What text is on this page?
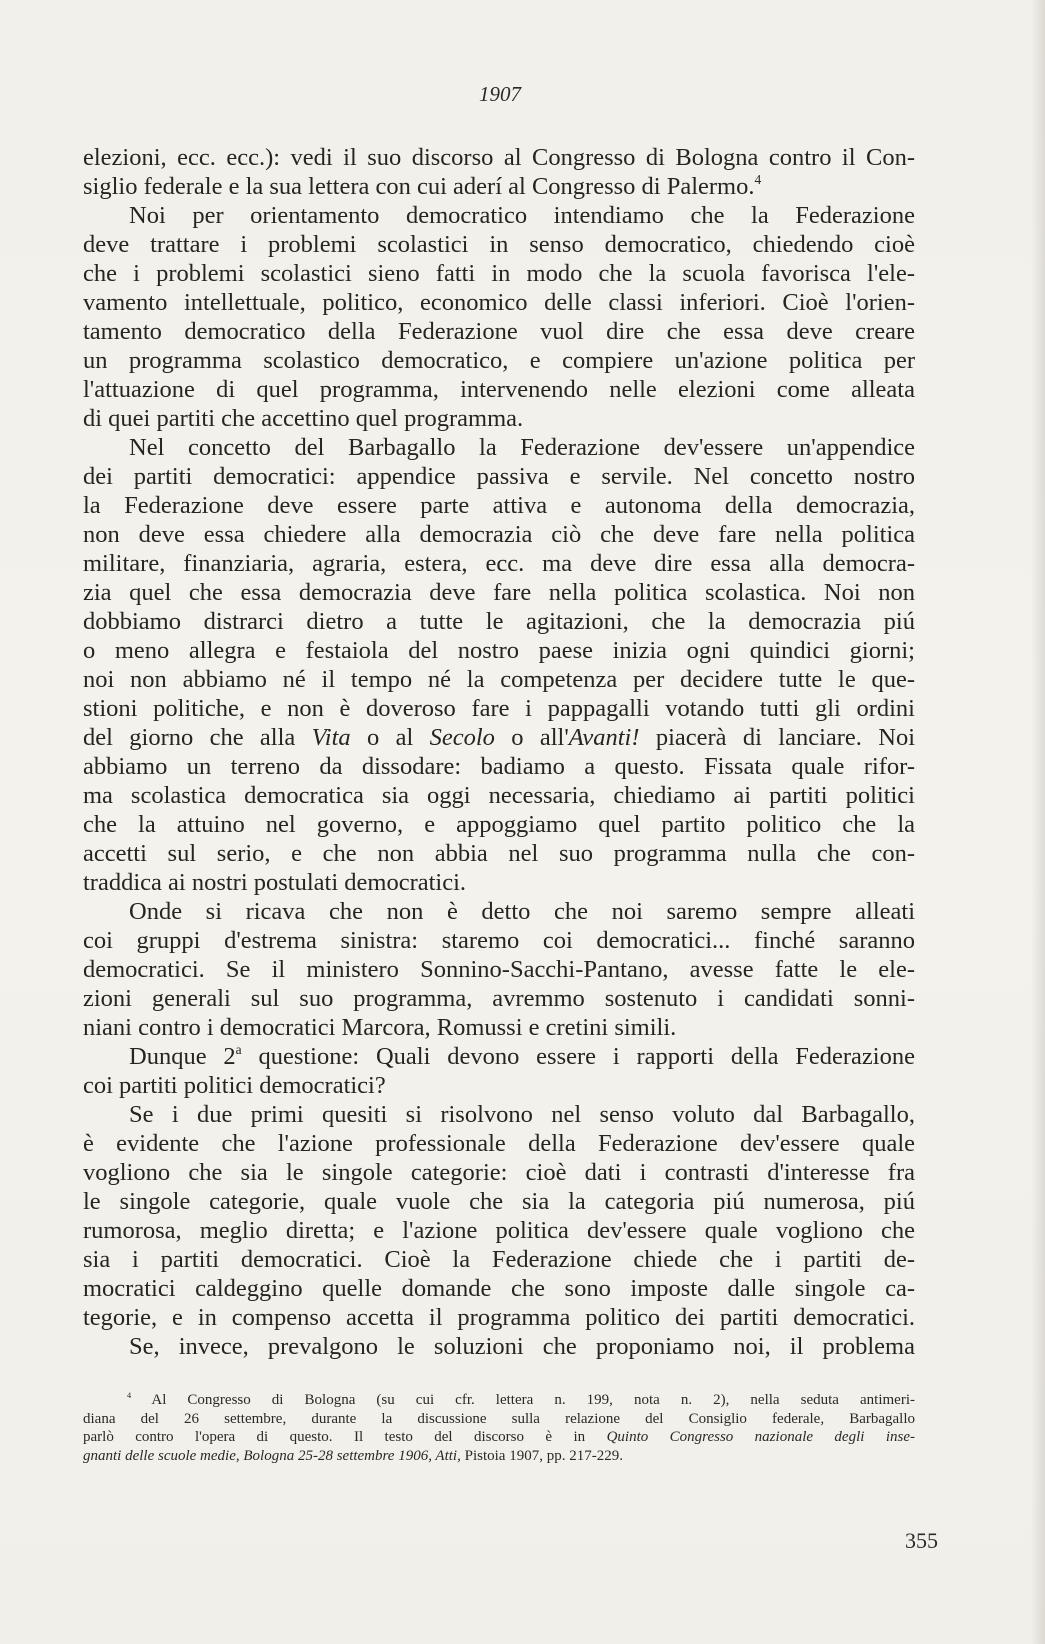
1907
elezioni, ecc. ecc.): vedi il suo discorso al Congresso di Bologna contro il Con-
siglio federale e la sua lettera con cui aderí al Congresso di Palermo.$^4$
Noi per orientamento democratico intendiamo che la Federazione
deve trattare i problemi scolastici in senso democratico, chiedendo cioè
che i problemi scolastici sieno fatti in modo che la scuola favorisca l'ele-
vamento intellettuale, politico, economico delle classi inferiori. Cioè l'orien-
tamento democratico della Federazione vuol dire che essa deve creare
un programma scolastico democratico, e compiere un'azione politica per
l'attuazione di quel programma, intervenendo nelle elezioni come alleata
di quei partiti che accettino quel programma.
Nel concetto del Barbagallo la Federazione dev'essere un'appendice
dei partiti democratici: appendice passiva e servile. Nel concetto nostro
la Federazione deve essere parte attiva e autonoma della democrazia,
non deve essa chiedere alla democrazia ciò che deve fare nella politica
militare, finanziaria, agraria, estera, ecc. ma deve dire essa alla democra-
zia quel che essa democrazia deve fare nella politica scolastica. Noi non
dobbiamo distrarci dietro a tutte le agitazioni, che la democrazia piú
o meno allegra e festaiola del nostro paese inizia ogni quindici giorni;
noi non abbiamo né il tempo né la competenza per decidere tutte le que-
stioni politiche, e non è doveroso fare i pappagalli votando tutti gli ordini
del giorno che alla Vita o al Secolo o all'Avanti! piacerà di lanciare. Noi
abbiamo un terreno da dissodare: badiamo a questo. Fissata quale rifor-
ma scolastica democratica sia oggi necessaria, chiediamo ai partiti politici
che la attuino nel governo, e appoggiamo quel partito politico che la
accetti sul serio, e che non abbia nel suo programma nulla che con-
traddica ai nostri postulati democratici.
Onde si ricava che non è detto che noi saremo sempre alleati
coi gruppi d'estrema sinistra: staremo coi democratici... finché saranno
democratici. Se il ministero Sonnino-Sacchi-Pantano, avesse fatte le ele-
zioni generali sul suo programma, avremmo sostenuto i candidati sonni-
niani contro i democratici Marcora, Romussi e cretini simili.
Dunque 2$^a$ questione: Quali devono essere i rapporti della Federazione
coi partiti politici democratici?
Se i due primi quesiti si risolvono nel senso voluto dal Barbagallo,
è evidente che l'azione professionale della Federazione dev'essere quale
vogliono che sia le singole categorie: cioè dati i contrasti d'interesse fra
le singole categorie, quale vuole che sia la categoria piú numerosa, piú
rumorosa, meglio diretta; e l'azione politica dev'essere quale vogliono che
sia i partiti democratici. Cioè la Federazione chiede che i partiti de-
mocratici caldeggino quelle domande che sono imposte dalle singole ca-
tegorie, e in compenso accetta il programma politico dei partiti democratici.
Se, invece, prevalgono le soluzioni che proponiamo noi, il problema
$^4$ Al Congresso di Bologna (su cui cfr. lettera n. 199, nota n. 2), nella seduta antimeri-
diana del 26 settembre, durante la discussione sulla relazione del Consiglio federale, Barbagallo
parlò contro l'opera di questo. Il testo del discorso è in Quinto Congresso nazionale degli inse-
gnanti delle scuole medie, Bologna 25-28 settembre 1906, Atti, Pistoia 1907, pp. 217-229.
355
